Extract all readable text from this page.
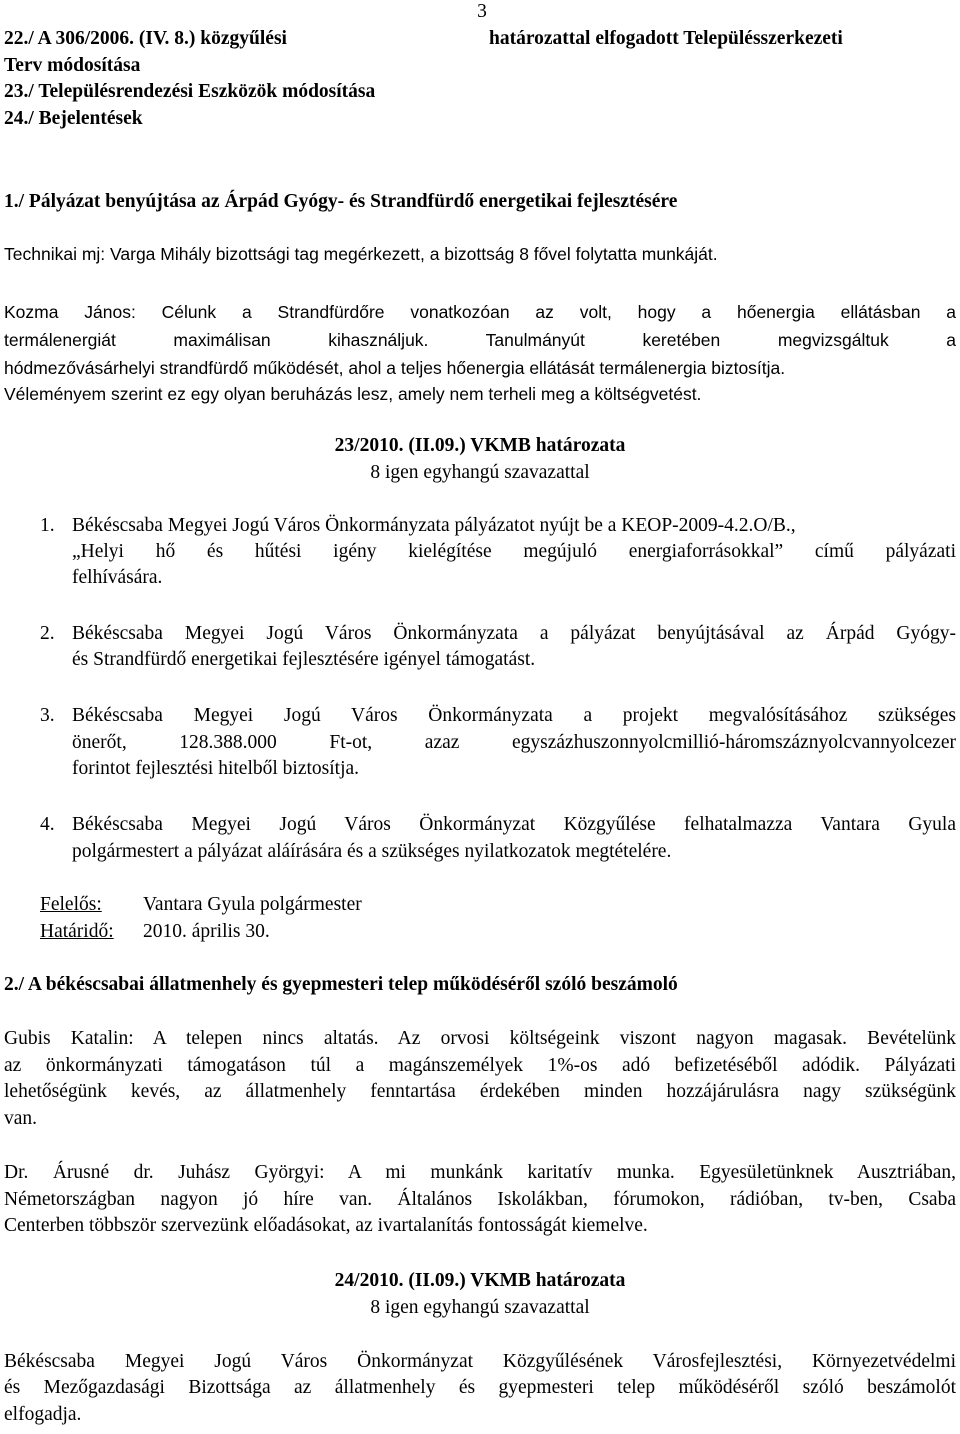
3
22./ A 306/2006. (IV. 8.) közgyűlési	határozattal elfogadott Településszerkezeti
Terv módosítása
23./ Településrendezési Eszközök módosítása
24./ Bejelentések
1./ Pályázat benyújtása az Árpád Gyógy- és Strandfürdő energetikai fejlesztésére
Technikai mj: Varga Mihály bizottsági tag megérkezett, a bizottság 8 fővel folytatta munkáját.
Kozma János: Célunk a Strandfürdőre vonatkozóan az volt, hogy a hőenergia ellátásban a
termálenergiát maximálisan kihasználjuk. Tanulmányút keretében megvizsgáltuk a
hódmezővásárhelyi strandfürdő működését, ahol a teljes hőenergia ellátását termálenergia biztosítja.
Véleményem szerint ez egy olyan beruházás lesz, amely nem terheli meg a költségvetést.
23/2010. (II.09.) VKMB határozata
8 igen egyhangú szavazattal
1. Békéscsaba Megyei Jogú Város Önkormányzata pályázatot nyújt be a KEOP-2009-4.2.O/B.,
„Helyi hő és hűtési igény kielégítése megújuló energiaforrásokkal” című pályázati
felhívására.
2. Békéscsaba Megyei Jogú Város Önkormányzata a pályázat benyújtásával az Árpád Gyógy-
és Strandfürdő energetikai fejlesztésére igényel támogatást.
3. Békéscsaba Megyei Jogú Város Önkormányzata a projekt megvalósításához szükséges
önerőt, 128.388.000 Ft-ot, azaz egyszázhuszonnyolcmillió-háromszáznyolcvannyolcezer
forintot fejlesztési hitelből biztosítja.
4. Békéscsaba Megyei Jogú Város Önkormányzat Közgyűlése felhatalmazza Vantara Gyula
polgármestert a pályázat aláírására és a szükséges nyilatkozatok megtételére.
Felelős: Vantara Gyula polgármester
Határidő: 2010. április 30.
2./ A békéscsabai állatmenhely és gyepmesteri telep működéséről szóló beszámoló
Gubis Katalin: A telepen nincs altatás. Az orvosi költségeink viszont nagyon magasak. Bevételünk
az önkormányzati támogatáson túl a magánszemélyek 1%-os adó befizetéséből adódik. Pályázati
lehetőségünk kevés, az állatmenhely fenntartása érdekében minden hozzájárulásra nagy szükségünk
van.
Dr. Árusné dr. Juhász Györgyi: A mi munkánk karitatív munka. Egyesületünknek Ausztriában,
Németországban nagyon jó híre van. Általános Iskolákban, fórumokon, rádióban, tv-ben, Csaba
Centerben többször szervezünk előadásokat, az ivartalanítás fontosságát kiemelve.
24/2010. (II.09.) VKMB határozata
8 igen egyhangú szavazattal
Békéscsaba Megyei Jogú Város Önkormányzat Közgyűlésének Városfejlesztési, Környezetvédelmi
és Mezőgazdasági Bizottsága az állatmenhely és gyepmesteri telep működéséről szóló beszámolót
elfogadja.
